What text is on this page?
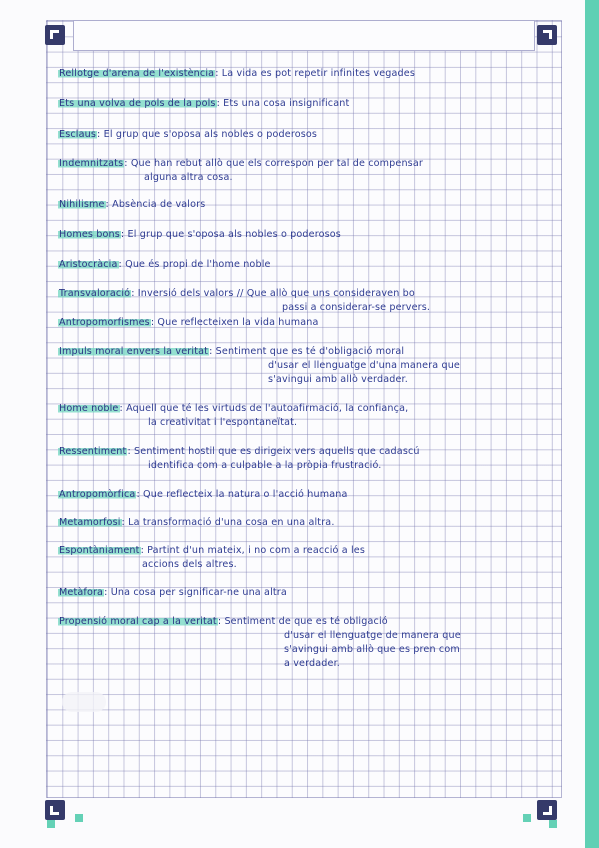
Rellotge d'arena de l'existència: La vida es pot repetir infinites vegades
Ets una volva de pols de la pols: Ets una cosa insignificant
Esclaus: El grup que s'oposa als nobles o poderosos
Indemnitzats: Que han rebut allò que els correspon per tal de compensar
alguna altra cosa.
Nihilisme: Absència de valors
Homes bons: El grup que s'oposa als nobles o poderosos
Aristocràcia: Que és propi de l'home noble
Transvaloració: Inversió dels valors // Que allò que uns consideraven bo
passi a considerar-se pervers.
Antropomorfismes: Que reflecteixen la vida humana
Impuls moral envers la veritat: Sentiment que es té d'obligació moral
d'usar el llenguatge d'una manera que
s'avingui amb allò verdader.
Home noble: Aquell que té les virtuds de l'autoafirmació, la confiança,
la creativitat i l'espontaneïtat.
Ressentiment: Sentiment hostil que es dirigeix vers aquells que cadascú
identifica com a culpable a la pròpia frustració.
Antropomòrfica: Que reflecteix la natura o l'acció humana
Metamorfosi: La transformació d'una cosa en una altra.
Espontàniament: Partint d'un mateix, i no com a reacció a les
accions dels altres.
Metàfora: Una cosa per significar-ne una altra
Propensió moral cap a la veritat: Sentiment de que es té obligació
d'usar el llenguatge de manera que
s'avingui amb allò que es pren com
a verdader.
